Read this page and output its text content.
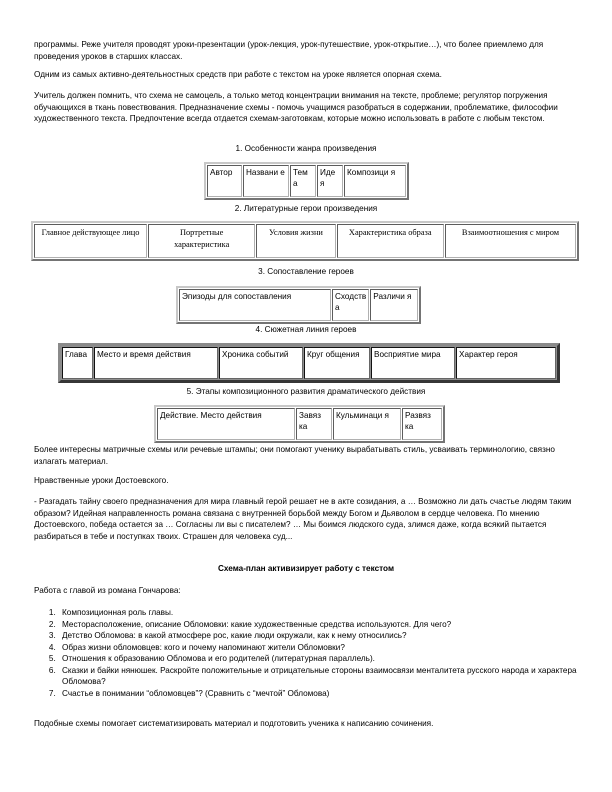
программы. Реже учителя проводят уроки-презентации (урок-лекция, урок-путешествие, урок-открытие…), что более приемлемо для проведения уроков в старших классах.

Одним из самых активно-деятельностных средств при работе с текстом на уроке является опорная схема.

Учитель должен помнить, что схема не самоцель, а только метод концентрации внимания на тексте, проблеме; регулятор погружения обучающихся в ткань повествования. Предназначение схемы - помочь учащимся разобраться в содержании, проблематике, философии художественного текста. Предпочтение всегда отдается схемам-заготовкам, которые можно использовать в работе с любым текстом.

1. Особенности жанра произведения
Автор	Названи е	Тем а	Иде я	Композици я
2. Литературные герои произведения
Главное действующее лицо	Портретные характеристика	Условия жизни	Характеристика образа	Взаимоотношения с миром
3. Сопоставление героев
Эпизоды для сопоставления	Сходств а	Различи я
4. Сюжетная линия героев
Глава	Место и время действия	Хроника событий	Круг общения	Восприятие мира	Характер героя
5. Этапы композиционного развития драматического действия
Действие. Место действия	Завяз ка	Кульминаци я	Развяз ка

Более интересны матричные схемы или речевые штампы; они помогают ученику вырабатывать стиль, усваивать терминологию, связно излагать материал.

Нравственные уроки Достоевского.

- Разгадать тайну своего предназначения для мира главный герой решает не в акте созидания, а … Возможно ли дать счастье людям таким образом? Идейная направленность романа связана с внутренней борьбой между Богом и Дьяволом в сердце человека. По мнению Достоевского, победа остается за … Согласны ли вы с писателем? … Мы боимся людского суда, злимся даже, когда всякий пытается разбираться в тебе и поступках твоих. Страшен для человека суд...

Схема-план активизирует работу с текстом

Работа с главой из романа Гончарова:

1. Композиционная роль главы.
2. Месторасположение, описание Обломовки: какие художественные средства используются. Для чего?
3. Детство Обломова: в какой атмосфере рос, какие люди окружали, как к нему относились?
4. Образ жизни обломовцев: кого и почему напоминают жители Обломовки?
5. Отношения к образованию Обломова и его родителей (литературная параллель).
6. Сказки и байки нянюшек. Раскройте положительные и отрицательные стороны взаимосвязи менталитета русского народа и характера Обломова?
7. Счастье в понимании “обломовцев”? (Сравнить с “мечтой” Обломова)

Подобные схемы помогает систематизировать материал и подготовить ученика к написанию сочинения.
